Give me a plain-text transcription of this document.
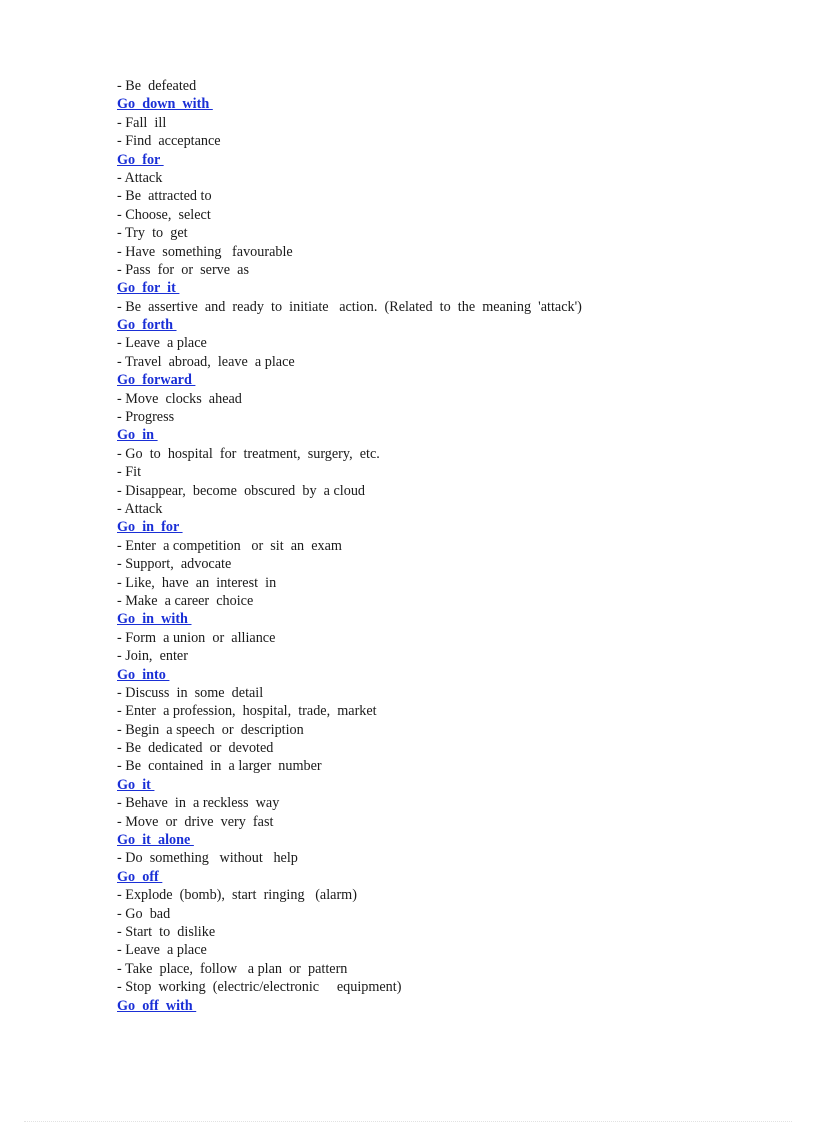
- Be  defeated
Go  down  with
- Fall  ill
- Find  acceptance
Go  for
- Attack
- Be  attracted to
- Choose,  select
- Try  to  get
- Have  something   favourable
- Pass  for  or  serve  as
Go  for  it
- Be  assertive  and  ready  to  initiate   action.  (Related  to  the  meaning  'attack')
Go  forth
- Leave  a place
- Travel  abroad,  leave  a place
Go  forward
- Move  clocks  ahead
- Progress
Go  in
- Go  to  hospital  for  treatment,  surgery,  etc.
- Fit
- Disappear,  become  obscured  by  a cloud
- Attack
Go  in  for
- Enter  a competition   or  sit  an  exam
- Support,  advocate
- Like,  have  an  interest  in
- Make  a career  choice
Go  in  with
- Form  a union  or  alliance
- Join,  enter
Go  into
- Discuss  in  some  detail
- Enter  a profession,  hospital,  trade,  market
- Begin  a speech  or  description
- Be  dedicated  or  devoted
- Be  contained  in  a larger  number
Go  it
- Behave  in  a reckless  way
- Move  or  drive  very  fast
Go  it  alone
- Do  something   without   help
Go  off
- Explode  (bomb),  start  ringing   (alarm)
- Go  bad
- Start  to  dislike
- Leave  a place
- Take  place,  follow   a plan  or  pattern
- Stop  working  (electric/electronic     equipment)
Go  off  with
